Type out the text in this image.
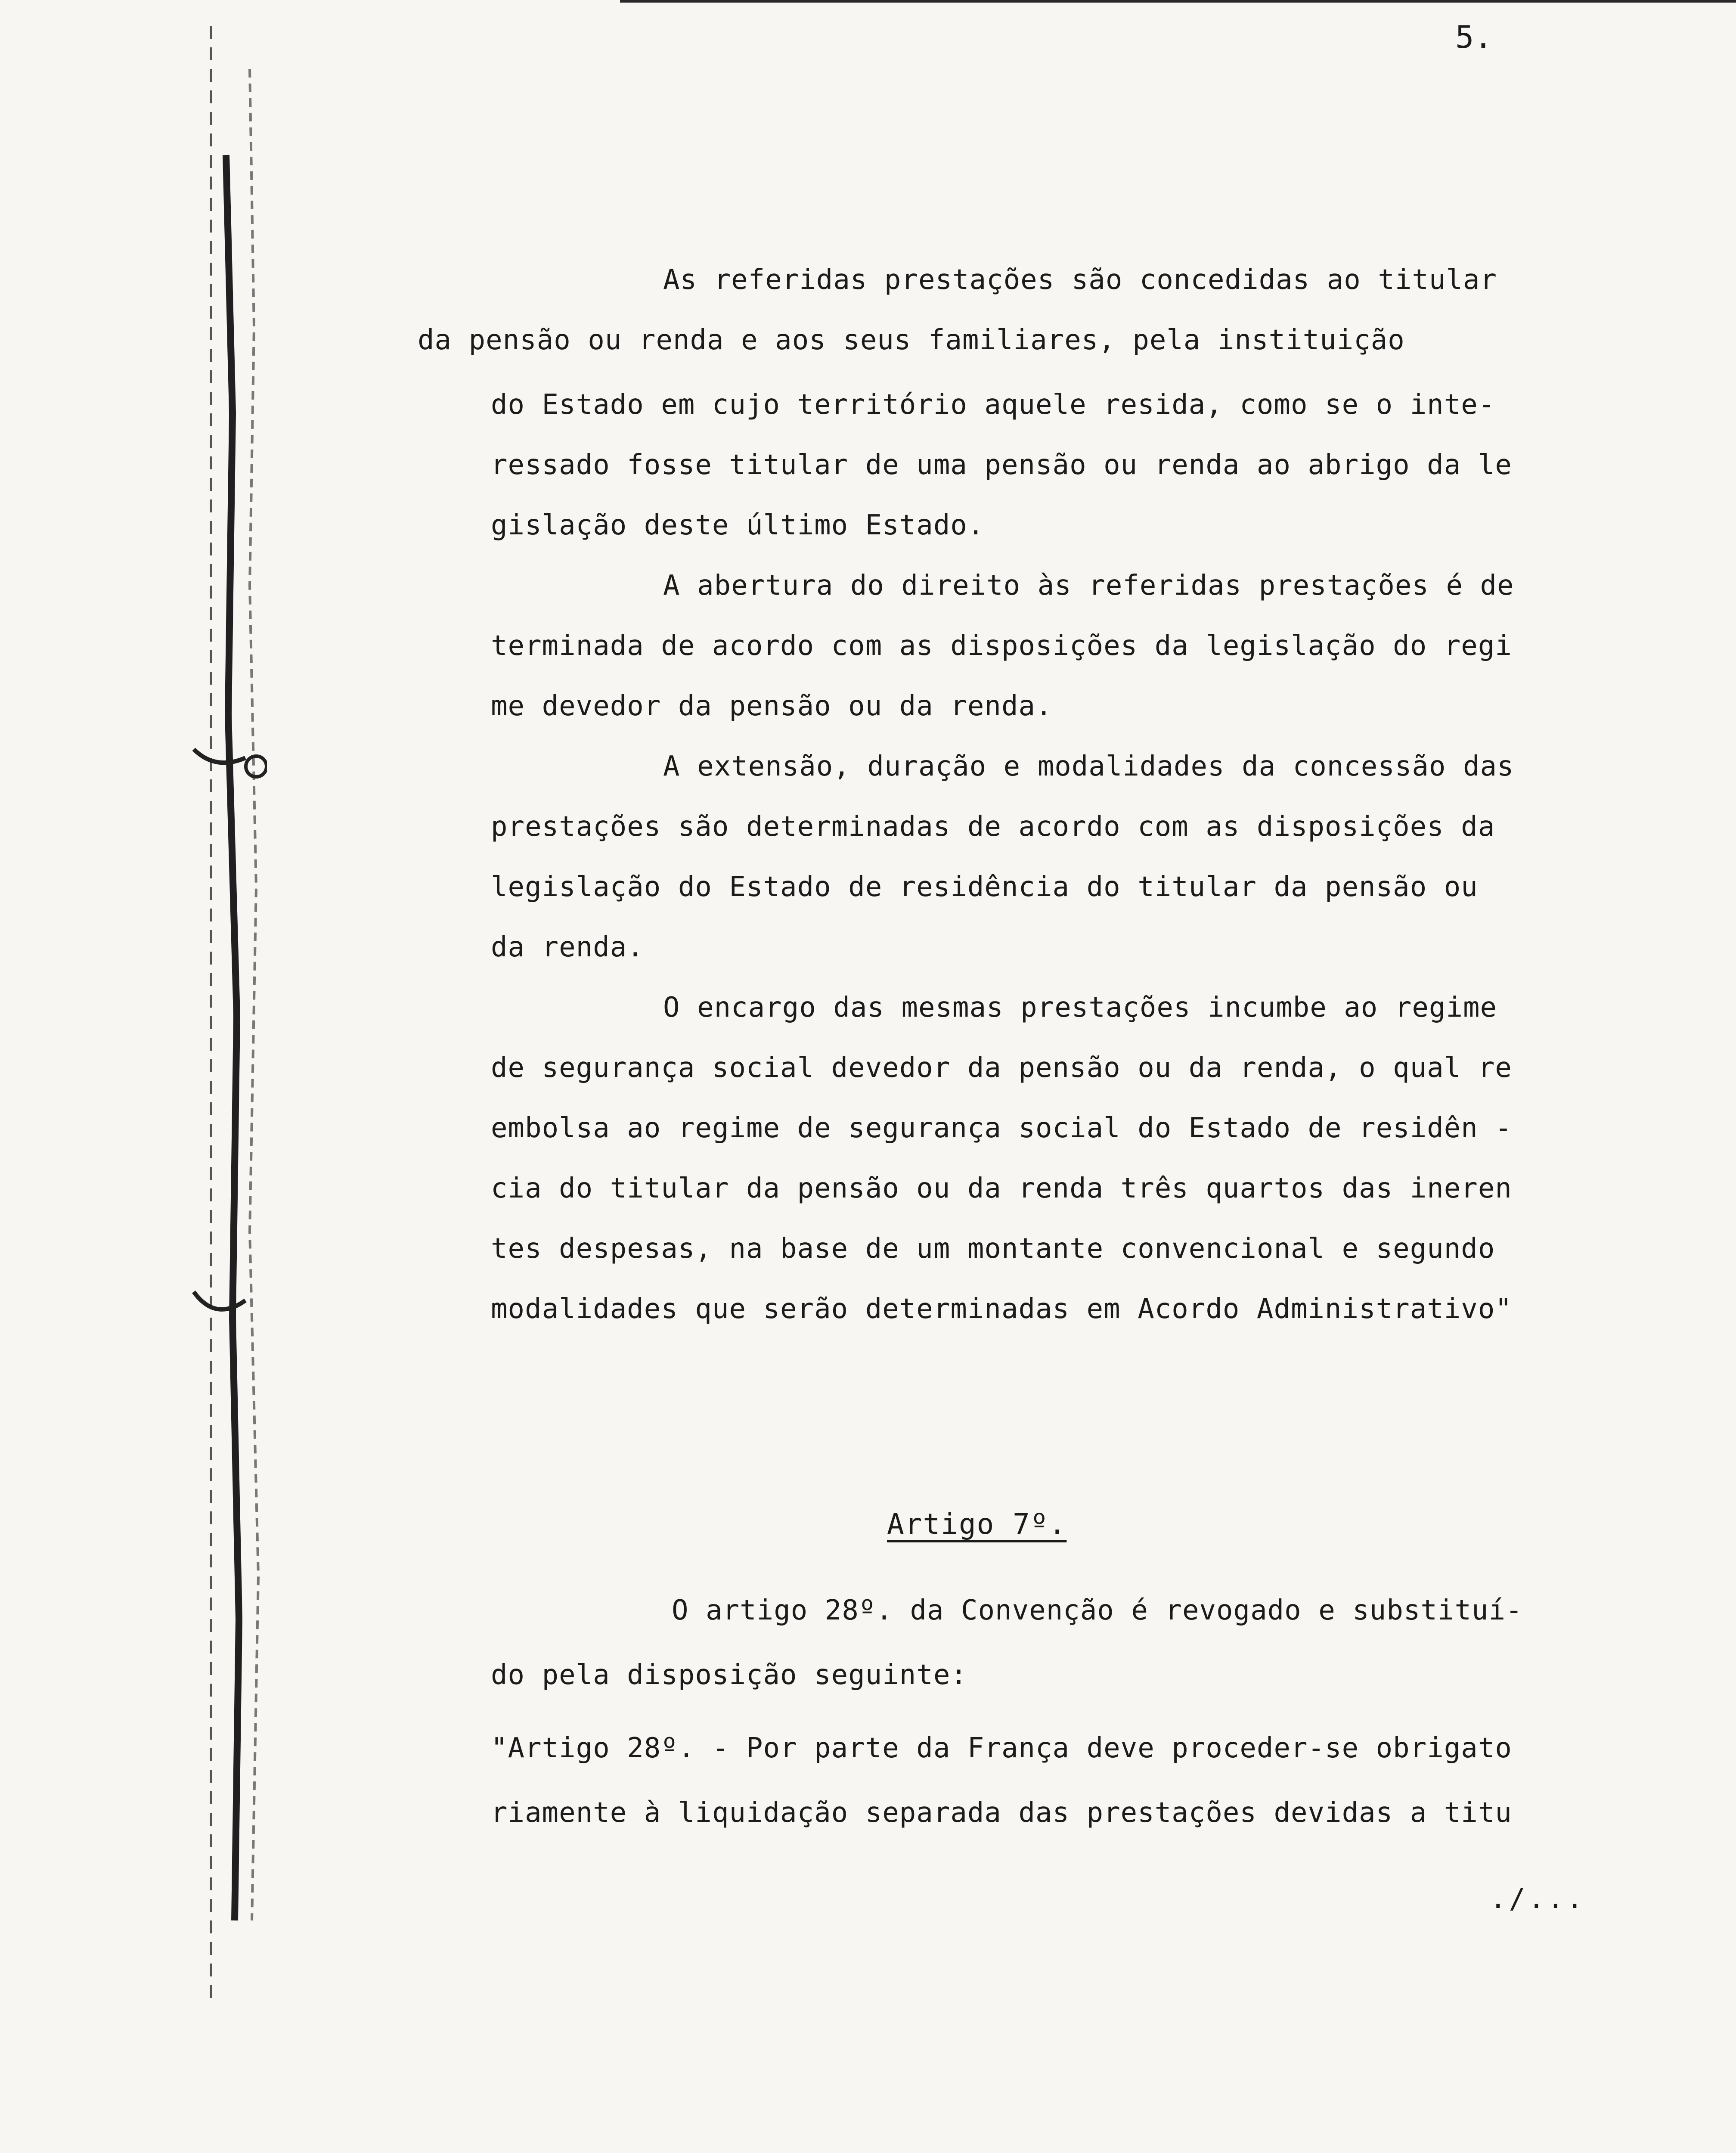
5.
As referidas prestações são concedidas ao titular
da pensão ou renda e aos seus familiares, pela instituição
do Estado em cujo território aquele resida, como se o inte-
ressado fosse titular de uma pensão ou renda ao abrigo da le
gislação deste último Estado.
A abertura do direito às referidas prestações é de
terminada de acordo com as disposições da legislação do regi
me devedor da pensão ou da renda.
A extensão, duração e modalidades da concessão das
prestações são determinadas de acordo com as disposições da
legislação do Estado de residência do titular da pensão ou
da renda.
O encargo das mesmas prestações incumbe ao regime
de segurança social devedor da pensão ou da renda, o qual re
embolsa ao regime de segurança social do Estado de residên -
cia do titular da pensão ou da renda três quartos das ineren
tes despesas, na base de um montante convencional e segundo
modalidades que serão determinadas em Acordo Administrativo"
Artigo 7º.
O artigo 28º. da Convenção é revogado e substituí-
do pela disposição seguinte:
"Artigo 28º. - Por parte da França deve proceder-se obrigato
riamente à liquidação separada das prestações devidas a titu
./...
